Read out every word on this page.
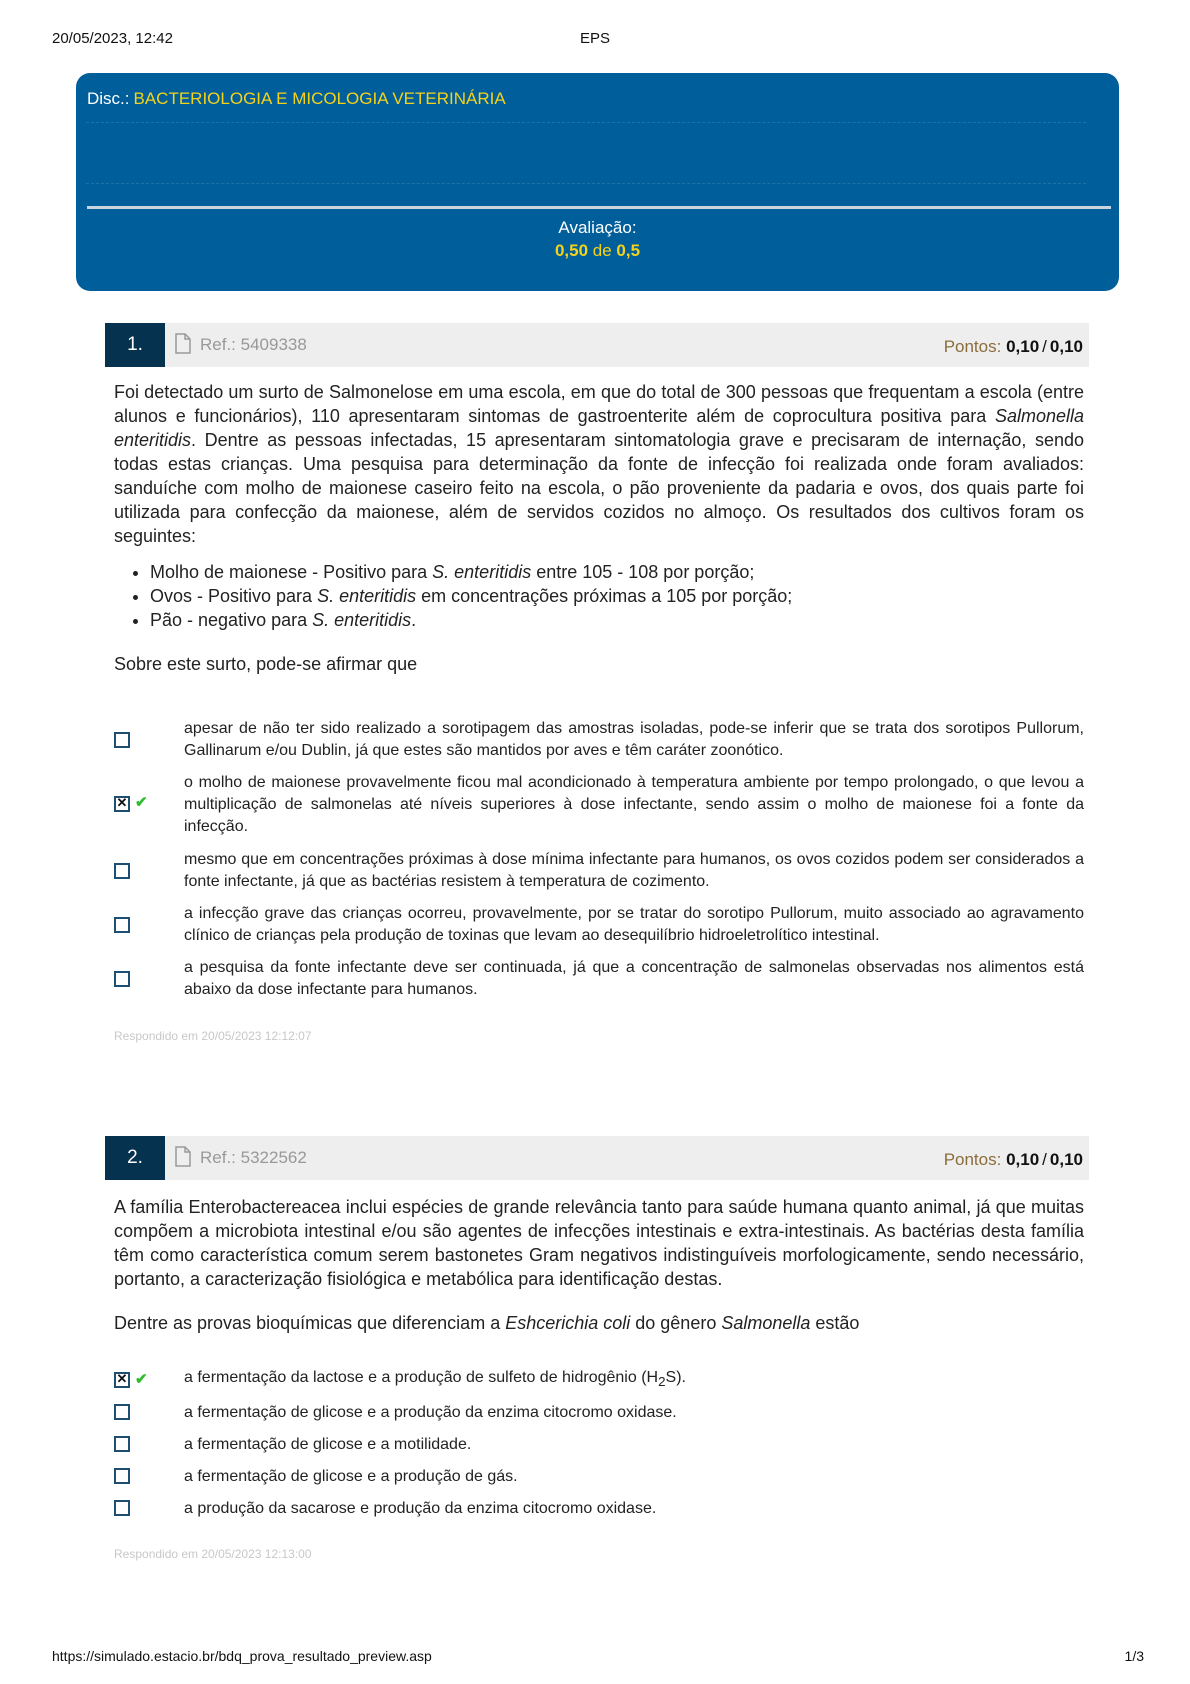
20/05/2023, 12:42	EPS
Disc.: BACTERIOLOGIA E MICOLOGIA VETERINÁRIA
Avaliação:
0,50 de 0,5
1.	Ref.: 5409338	Pontos: 0,10 / 0,10

Foi detectado um surto de Salmonelose em uma escola, em que do total de 300 pessoas que frequentam a escola (entre alunos e funcionários), 110 apresentaram sintomas de gastroenterite além de coprocultura positiva para Salmonella enteritidis. Dentre as pessoas infectadas, 15 apresentaram sintomatologia grave e precisaram de internação, sendo todas estas crianças. Uma pesquisa para determinação da fonte de infecção foi realizada onde foram avaliados: sanduíche com molho de maionese caseiro feito na escola, o pão proveniente da padaria e ovos, dos quais parte foi utilizada para confecção da maionese, além de servidos cozidos no almoço. Os resultados dos cultivos foram os seguintes:

• Molho de maionese - Positivo para S. enteritidis entre 105 - 108 por porção;
• Ovos - Positivo para S. enteritidis em concentrações próximas a 105 por porção;
• Pão - negativo para S. enteritidis.

Sobre este surto, pode-se afirmar que

apesar de não ter sido realizado a sorotipagem das amostras isoladas, pode-se inferir que se trata dos sorotipos Pullorum, Gallinarum e/ou Dublin, já que estes são mantidos por aves e têm caráter zoonótico.
✕
✔
o molho de maionese provavelmente ficou mal acondicionado à temperatura ambiente por tempo prolongado, o que levou a multiplicação de salmonelas até níveis superiores à dose infectante, sendo assim o molho de maionese foi a fonte da infecção.
mesmo que em concentrações próximas à dose mínima infectante para humanos, os ovos cozidos podem ser considerados a fonte infectante, já que as bactérias resistem à temperatura de cozimento.
a infecção grave das crianças ocorreu, provavelmente, por se tratar do sorotipo Pullorum, muito associado ao agravamento clínico de crianças pela produção de toxinas que levam ao desequilíbrio hidroeletrolítico intestinal.
a pesquisa da fonte infectante deve ser continuada, já que a concentração de salmonelas observadas nos alimentos está abaixo da dose infectante para humanos.
Respondido em 20/05/2023 12:12:07
2.	Ref.: 5322562	Pontos: 0,10 / 0,10

A família Enterobactereacea inclui espécies de grande relevância tanto para saúde humana quanto animal, já que muitas compõem a microbiota intestinal e/ou são agentes de infecções intestinais e extra-intestinais. As bactérias desta família têm como característica comum serem bastonetes Gram negativos indistinguíveis morfologicamente, sendo necessário, portanto, a caracterização fisiológica e metabólica para identificação destas.

Dentre as provas bioquímicas que diferenciam a Eshcerichia coli do gênero Salmonella estão

✕
✔ a fermentação da lactose e a produção de sulfeto de hidrogênio $(H_2S)$.
a fermentação de glicose e a produção da enzima citocromo oxidase.
a fermentação de glicose e a motilidade.
a fermentação de glicose e a produção de gás.
a produção da sacarose e produção da enzima citocromo oxidase.
Respondido em 20/05/2023 12:13:00
https://simulado.estacio.br/bdq_prova_resultado_preview.asp	1/3
